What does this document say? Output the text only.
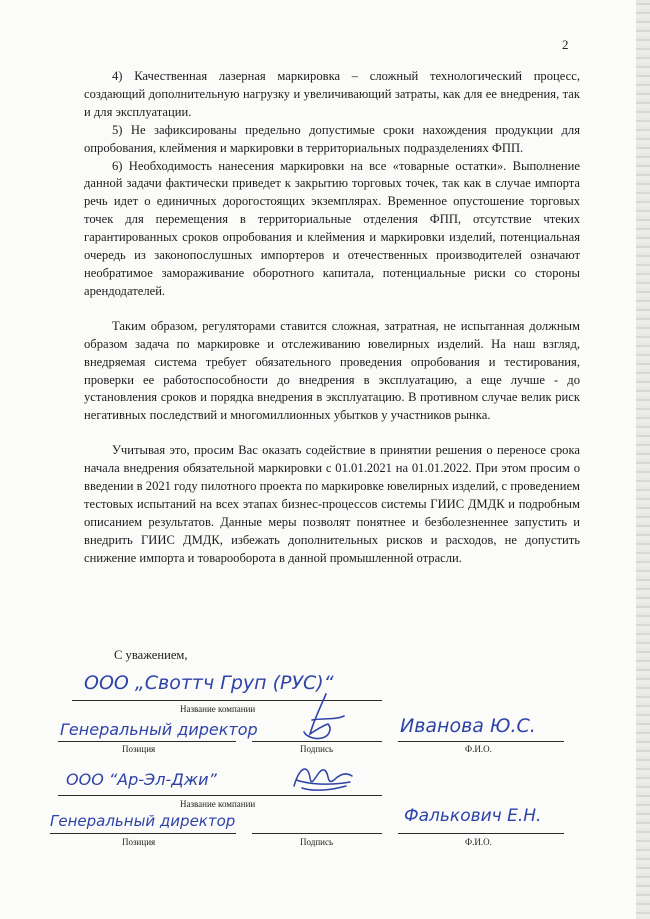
2

4) Качественная лазерная маркировка – сложный технологический процесс, создающий дополнительную нагрузку и увеличивающий затраты, как для ее внедрения, так и для эксплуатации.

5) Не зафиксированы предельно допустимые сроки нахождения продукции для опробования, клеймения и маркировки в территориальных подразделениях ФПП.

6) Необходимость нанесения маркировки на все «товарные остатки». Выполнение данной задачи фактически приведет к закрытию торговых точек, так как в случае импорта речь идет о единичных дорогостоящих экземплярах. Временное опустошение торговых точек для перемещения в территориальные отделения ФПП, отсутствие чтеких гарантированных сроков опробования и клеймения и маркировки изделий, потенциальная очередь из законопослушных импортеров и отечественных производителей означают необратимое замораживание оборотного капитала, потенциальные риски со стороны арендодателей.

Таким образом, регуляторами ставится сложная, затратная, не испытанная должным образом задача по маркировке и отслеживанию ювелирных изделий. На наш взгляд, внедряемая система требует обязательного проведения опробования и тестирования, проверки ее работоспособности до внедрения в эксплуатацию, а еще лучше - до установления сроков и порядка внедрения в эксплуатацию. В противном случае велик риск негативных последствий и многомиллионных убытков у участников рынка.

Учитывая это, просим Вас оказать содействие в принятии решения о переносе срока начала внедрения обязательной маркировки с 01.01.2021 на 01.01.2022. При этом просим о введении в 2021 году пилотного проекта по маркировке ювелирных изделий, с проведением тестовых испытаний на всех этапах бизнес-процессов системы ГИИС ДМДК и подробным описанием результатов. Данные меры позволят понятнее и безболезненнее запустить и внедрить ГИИС ДМДК, избежать дополнительных рисков и расходов, не допустить снижение импорта и товарооборота в данной промышленной отрасли.

С уважением,
ООО „Своттч Груп (РУС)“
Название компании
Генеральный директор
Позиция	Подпись
Иванова Ю.С.
Ф.И.О.
ООО “Ар-Эл-Джи”
Название компании
Генеральный директор
Позиция	Подпись
Фалькович Е.Н.
Ф.И.О.
